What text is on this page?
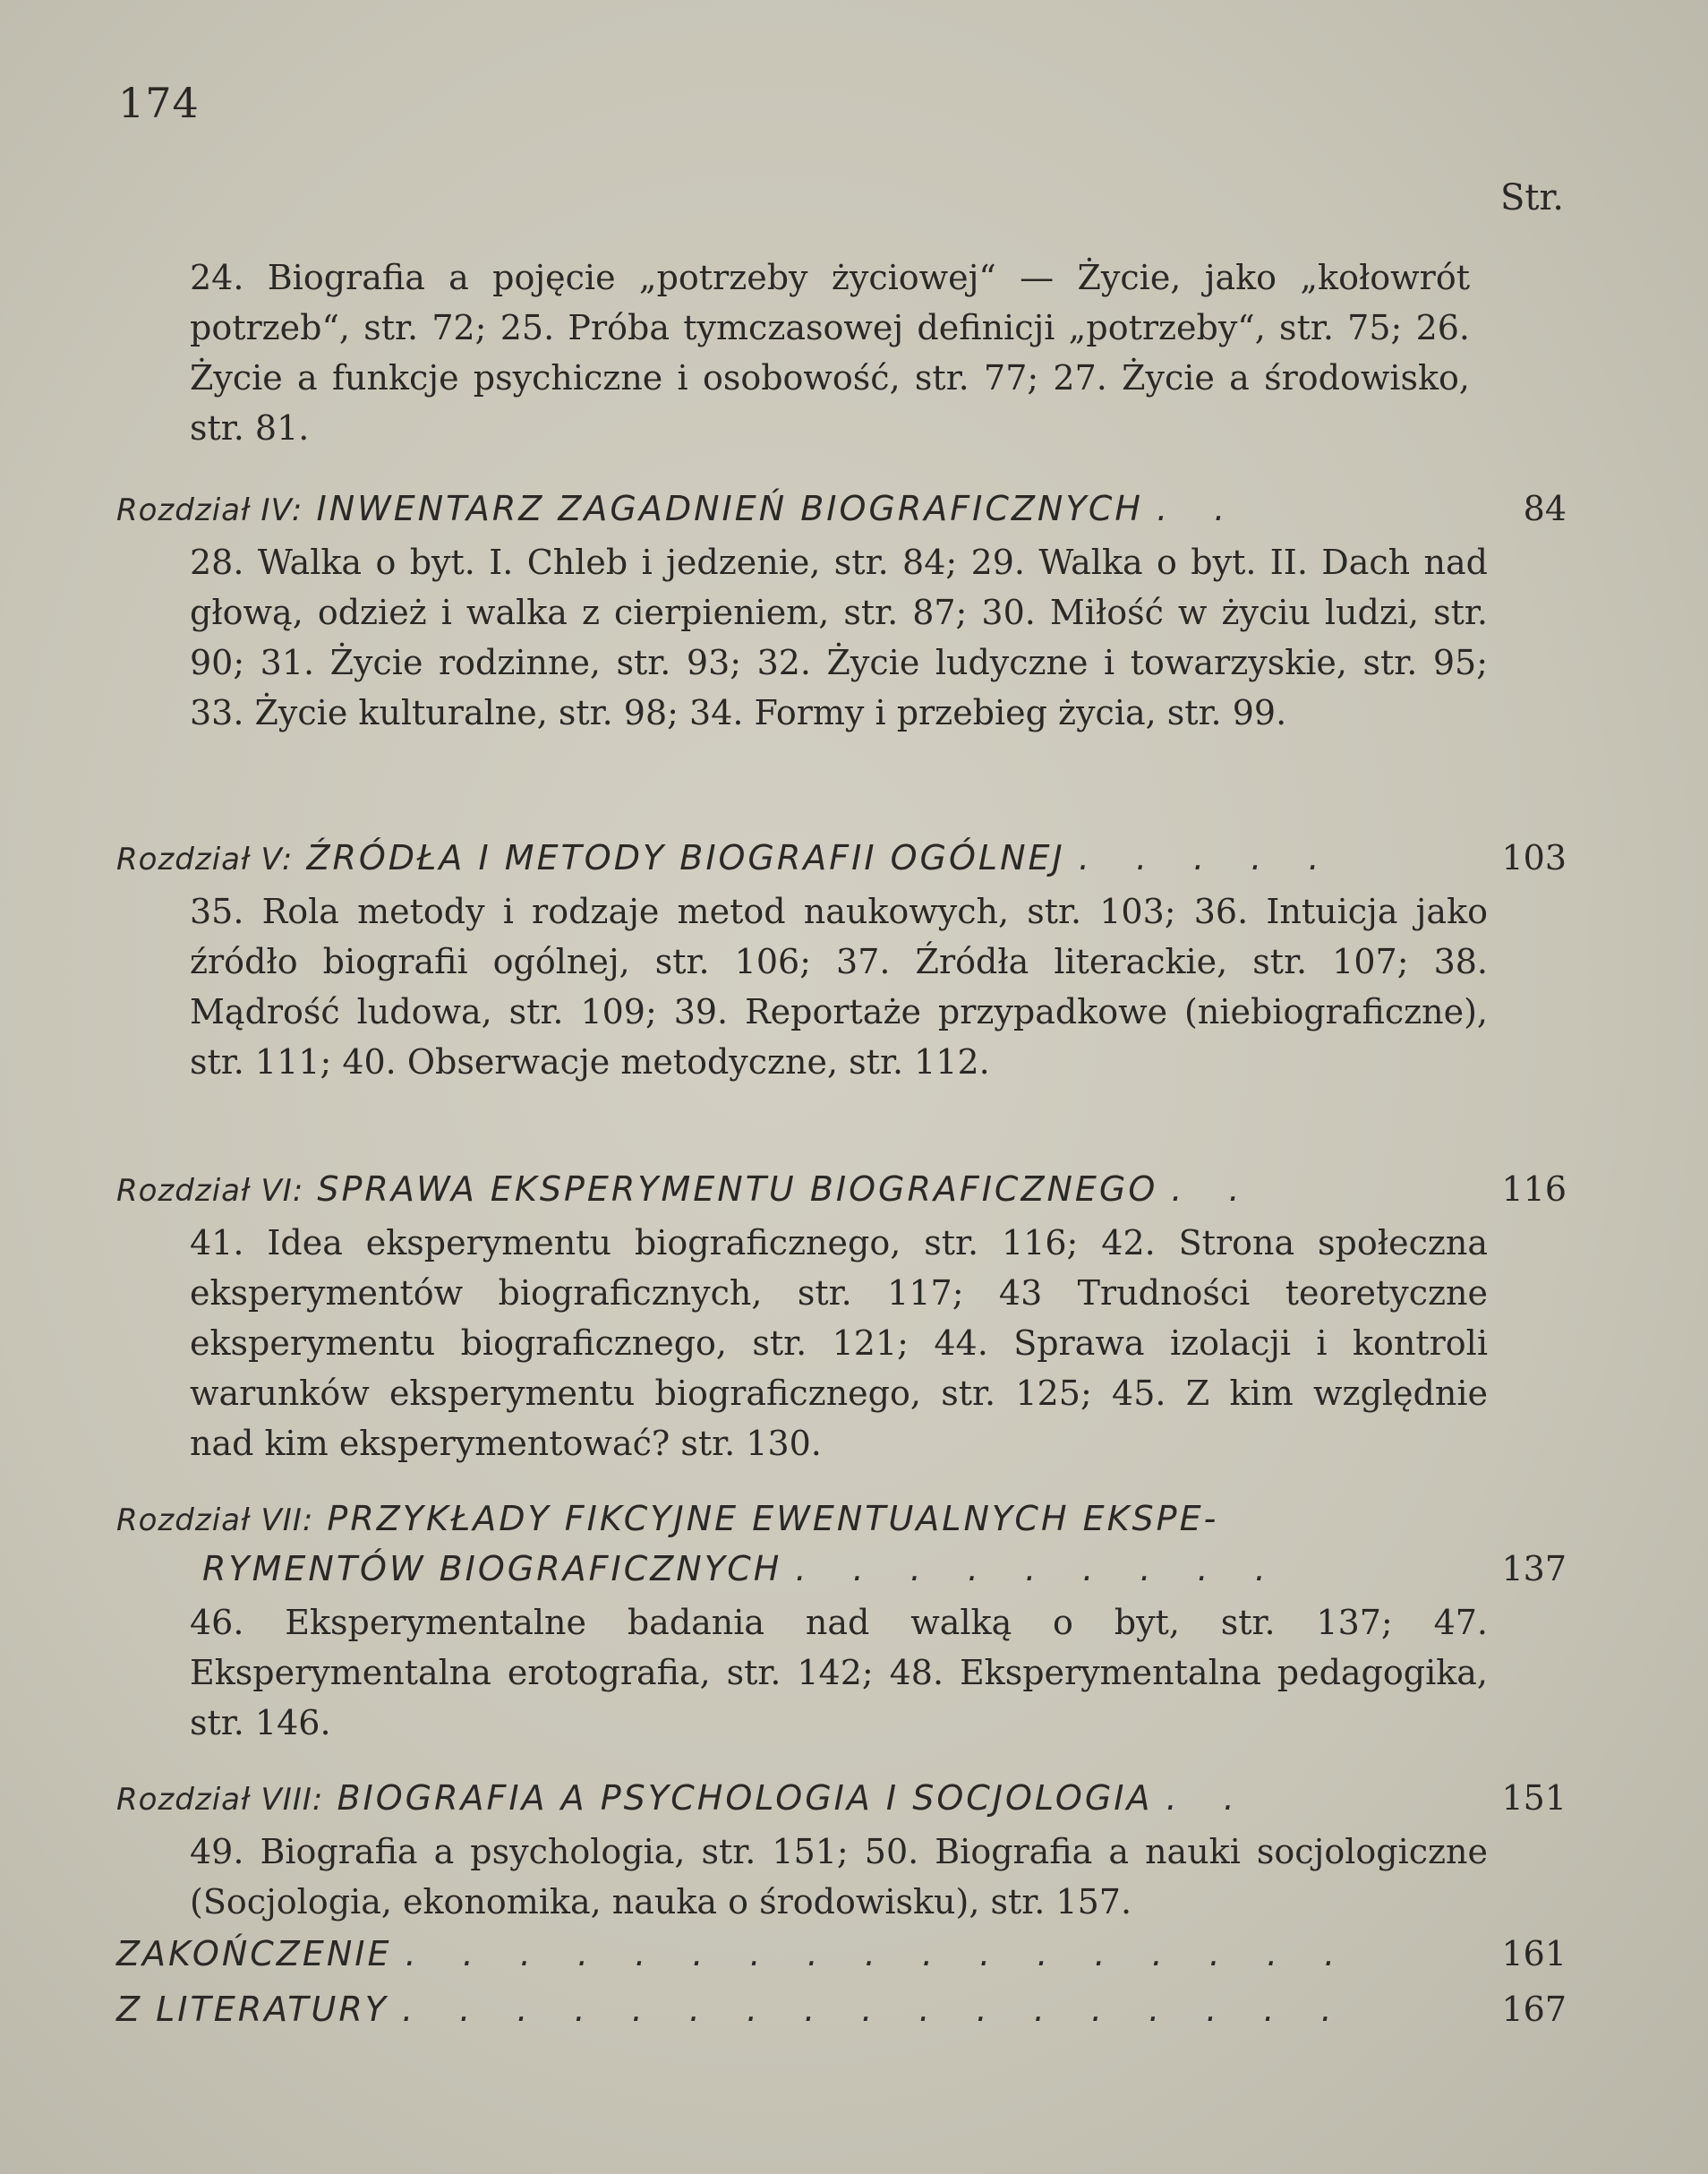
174
Str.
24. Biografia a pojęcie „potrzeby życiowej“ — Życie, jako „kołowrót potrzeb“, str. 72; 25. Próba tymczasowej definicji „potrzeby“, str. 75; 26. Życie a funkcje psychiczne i osobowość, str. 77; 27. Życie a środowisko, str. 81.
Rozdział IV: INWENTARZ ZAGADNIEŃ BIOGRAFICZNYCH . .	84
28. Walka o byt. I. Chleb i jedzenie, str. 84; 29. Walka o byt. II. Dach nad głową, odzież i walka z cierpieniem, str. 87; 30. Miłość w życiu ludzi, str. 90; 31. Życie rodzinne, str. 93; 32. Życie ludyczne i towarzyskie, str. 95; 33. Życie kulturalne, str. 98; 34. Formy i przebieg życia, str. 99.
Rozdział V: ŹRÓDŁA I METODY BIOGRAFII OGÓLNEJ . . . . .	103
35. Rola metody i rodzaje metod naukowych, str. 103; 36. Intuicja jako źródło biografii ogólnej, str. 106; 37. Źródła literackie, str. 107; 38. Mądrość ludowa, str. 109; 39. Reportaże przypadkowe (niebiograficzne), str. 111; 40. Obserwacje metodyczne, str. 112.
Rozdział VI: SPRAWA EKSPERYMENTU BIOGRAFICZNEGO . .	116
41. Idea eksperymentu biograficznego, str. 116; 42. Strona społeczna eksperymentów biograficznych, str. 117; 43 Trudności teoretyczne eksperymentu biograficznego, str. 121; 44. Sprawa izolacji i kontroli warunków eksperymentu biograficznego, str. 125; 45. Z kim względnie nad kim eksperymentować? str. 130.
Rozdział VII: PRZYKŁADY FIKCYJNE EWENTUALNYCH EKSPE-
RYMENTÓW BIOGRAFICZNYCH . . . . . . . . .	137
46. Eksperymentalne badania nad walką o byt, str. 137; 47. Eksperymentalna erotografia, str. 142; 48. Eksperymentalna pedagogika, str. 146.
Rozdział VIII: BIOGRAFIA A PSYCHOLOGIA I SOCJOLOGIA . .	151
49. Biografia a psychologia, str. 151; 50. Biografia a nauki socjologiczne (Socjologia, ekonomika, nauka o środowisku), str. 157.
ZAKOŃCZENIE . . . . . . . . . . . . . . . . .	161
Z LITERATURY . . . . . . . . . . . . . . . . .	167
